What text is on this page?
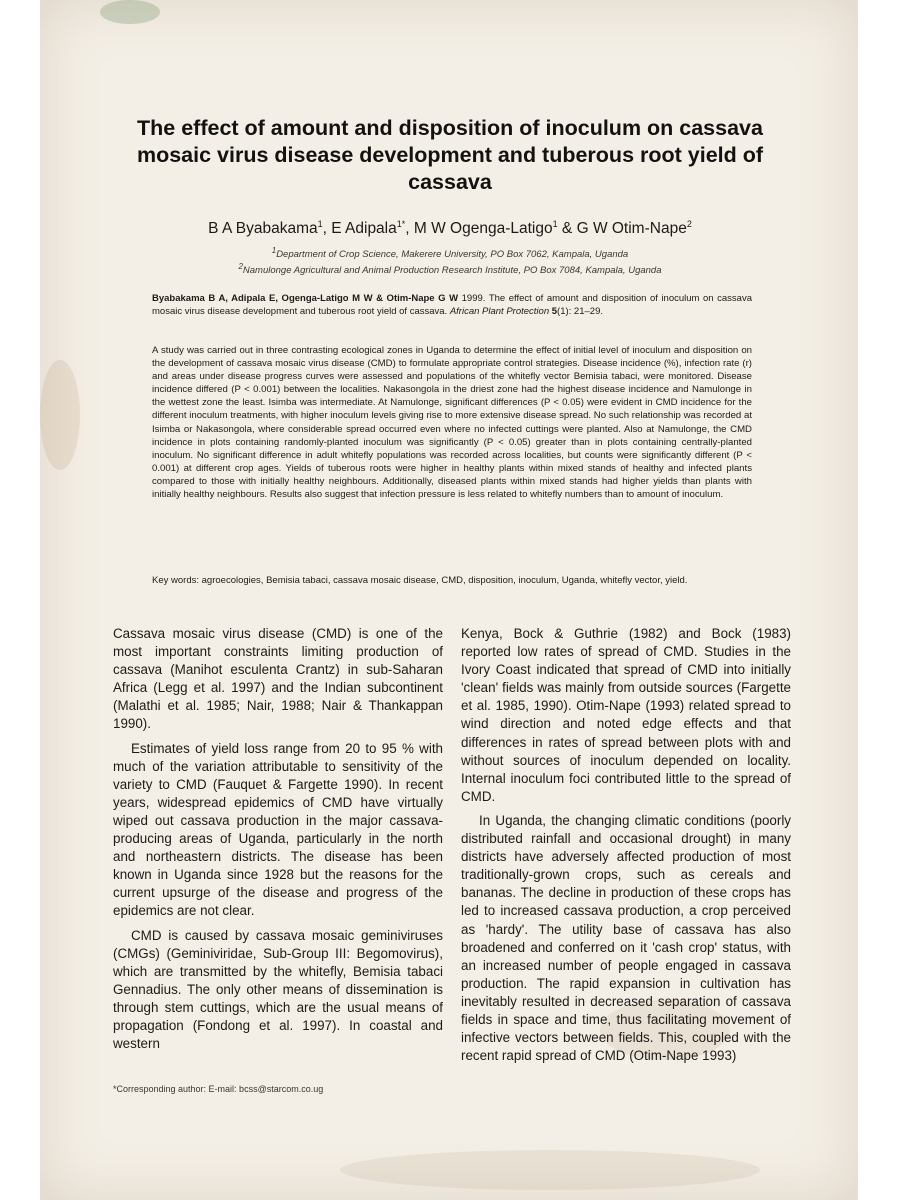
The effect of amount and disposition of inoculum on cassava mosaic virus disease development and tuberous root yield of cassava

B A Byabakama$^1$, E Adipala$^{1*}$, M W Ogenga-Latigo$^1$ & G W Otim-Nape$^2$

$^1$Department of Crop Science, Makerere University, PO Box 7062, Kampala, Uganda
$^2$Namulonge Agricultural and Animal Production Research Institute, PO Box 7084, Kampala, Uganda
Byabakama B A, Adipala E, Ogenga-Latigo M W & Otim-Nape G W 1999. The effect of amount and disposition of inoculum on cassava mosaic virus disease development and tuberous root yield of cassava. African Plant Protection 5(1): 21–29.
A study was carried out in three contrasting ecological zones in Uganda to determine the effect of initial level of inoculum and disposition on the development of cassava mosaic virus disease (CMD) to formulate appropriate control strategies. Disease incidence (%), infection rate (r) and areas under disease progress curves were assessed and populations of the whitefly vector Bemisia tabaci, were monitored. Disease incidence differed (P < 0.001) between the localities. Nakasongola in the driest zone had the highest disease incidence and Namulonge in the wettest zone the least. Isimba was intermediate. At Namulonge, significant differences (P < 0.05) were evident in CMD incidence for the different inoculum treatments, with higher inoculum levels giving rise to more extensive disease spread. No such relationship was recorded at Isimba or Nakasongola, where considerable spread occurred even where no infected cuttings were planted. Also at Namulonge, the CMD incidence in plots containing randomly-planted inoculum was significantly (P < 0.05) greater than in plots containing centrally-planted inoculum. No significant difference in adult whitefly populations was recorded across localities, but counts were significantly different (P < 0.001) at different crop ages. Yields of tuberous roots were higher in healthy plants within mixed stands of healthy and infected plants compared to those with initially healthy neighbours. Additionally, diseased plants within mixed stands had higher yields than plants with initially healthy neighbours. Results also suggest that infection pressure is less related to whitefly numbers than to amount of inoculum.
Key words: agroecologies, Bemisia tabaci, cassava mosaic disease, CMD, disposition, inoculum, Uganda, whitefly vector, yield.

Cassava mosaic virus disease (CMD) is one of the most important constraints limiting production of cassava (Manihot esculenta Crantz) in sub-Saharan Africa (Legg et al. 1997) and the Indian subcontinent (Malathi et al. 1985; Nair, 1988; Nair & Thankappan 1990).

Estimates of yield loss range from 20 to 95 % with much of the variation attributable to sensitivity of the variety to CMD (Fauquet & Fargette 1990). In recent years, widespread epidemics of CMD have virtually wiped out cassava production in the major cassava-producing areas of Uganda, particularly in the north and northeastern districts. The disease has been known in Uganda since 1928 but the reasons for the current upsurge of the disease and progress of the epidemics are not clear.

CMD is caused by cassava mosaic geminiviruses (CMGs) (Geminiviridae, Sub-Group III: Begomovirus), which are transmitted by the whitefly, Bemisia tabaci Gennadius. The only other means of dissemination is through stem cuttings, which are the usual means of propagation (Fondong et al. 1997). In coastal and western

Kenya, Bock & Guthrie (1982) and Bock (1983) reported low rates of spread of CMD. Studies in the Ivory Coast indicated that spread of CMD into initially 'clean' fields was mainly from outside sources (Fargette et al. 1985, 1990). Otim-Nape (1993) related spread to wind direction and noted edge effects and that differences in rates of spread between plots with and without sources of inoculum depended on locality. Internal inoculum foci contributed little to the spread of CMD.

In Uganda, the changing climatic conditions (poorly distributed rainfall and occasional drought) in many districts have adversely affected production of most traditionally-grown crops, such as cereals and bananas. The decline in production of these crops has led to increased cassava production, a crop perceived as 'hardy'. The utility base of cassava has also broadened and conferred on it 'cash crop' status, with an increased number of people engaged in cassava production. The rapid expansion in cultivation has inevitably resulted in decreased separation of cassava fields in space and time, thus facilitating movement of infective vectors between fields. This, coupled with the recent rapid spread of CMD (Otim-Nape 1993)

*Corresponding author: E-mail: bcss@starcom.co.ug
